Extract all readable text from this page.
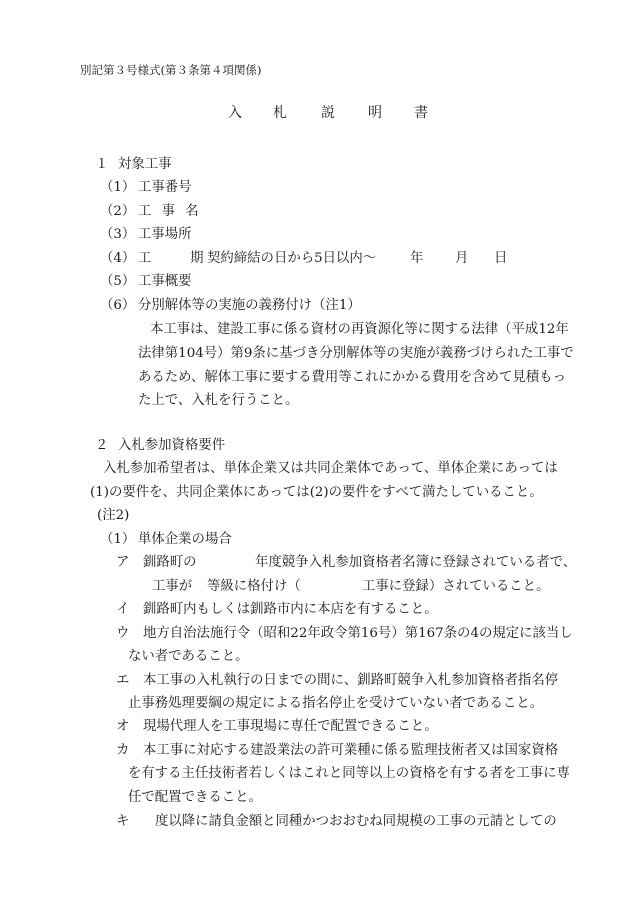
別記第３号様式(第３条第４項関係)
入 札 説 明 書
１ 対象工事
（1） 工事番号
（2） 工 事 名
（3） 工事場所
（4） 工　　期 契約締結の日から5日以内～	年 月 日
（5） 工事概要
（6） 分別解体等の実施の義務付け（注1）
本工事は、建設工事に係る資材の再資源化等に関する法律（平成12年
法律第104号）第9条に基づき分別解体等の実施が義務づけられた工事で
あるため、解体工事に要する費用等これにかかる費用を含めて見積もっ
た上で、入札を行うこと。
２ 入札参加資格要件
入札参加希望者は、単体企業又は共同企業体であって、単体企業にあっては
(1)の要件を、共同企業体にあっては(2)の要件をすべて満たしていること。
(注2)
（1） 単体企業の場合
ア 釧路町の	年度競争入札参加資格者名簿に登録されている者で、
工事が 等級に格付け（	工事に登録）されていること。
イ 釧路町内もしくは釧路市内に本店を有すること。
ウ 地方自治法施行令（昭和22年政令第16号）第167条の4の規定に該当し
ない者であること。
エ 本工事の入札執行の日までの間に、釧路町競争入札参加資格者指名停
止事務処理要綱の規定による指名停止を受けていない者であること。
オ 現場代理人を工事現場に専任で配置できること。
カ 本工事に対応する建設業法の許可業種に係る監理技術者又は国家資格
を有する主任技術者若しくはこれと同等以上の資格を有する者を工事に専
任で配置できること。
キ 度以降に請負金額と同種かつおおむね同規模の工事の元請としての
